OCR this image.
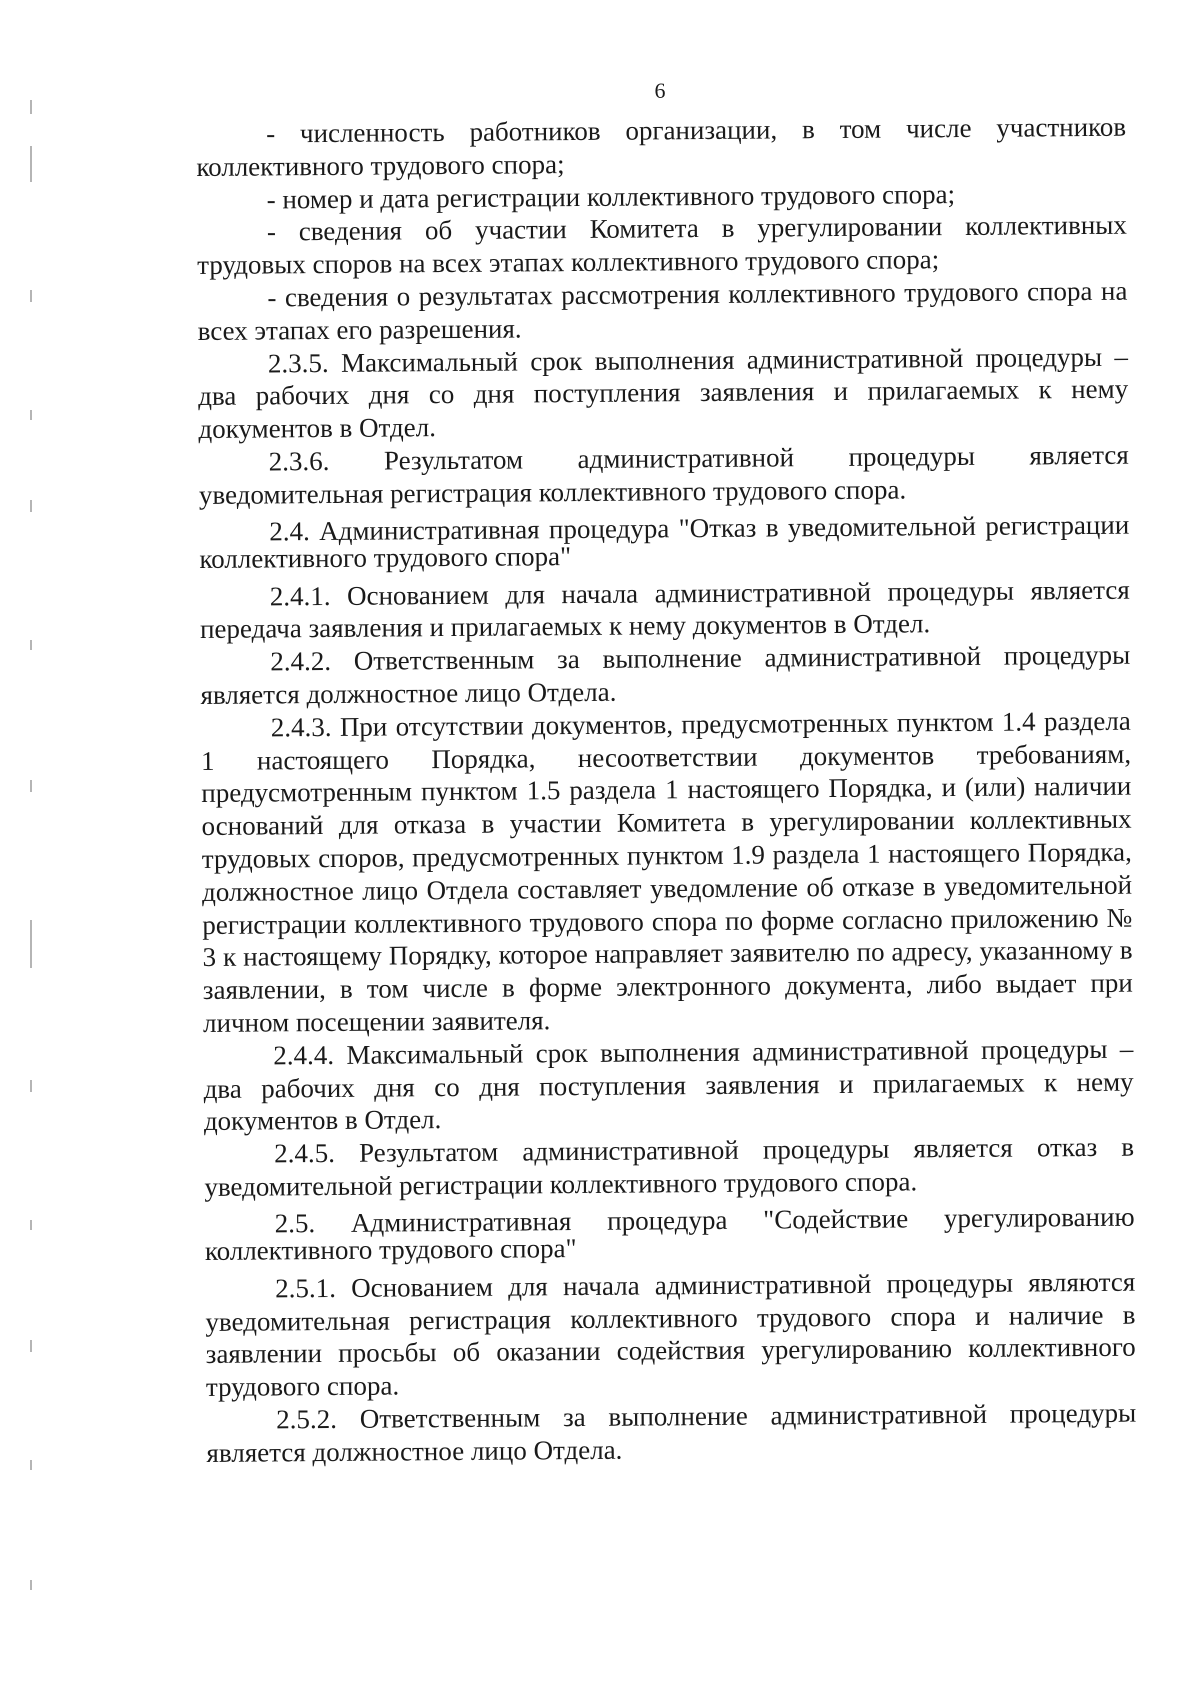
6

- численность работников организации, в том числе участников коллективного трудового спора;

- номер и дата регистрации коллективного трудового спора;

- сведения об участии Комитета в урегулировании коллективных трудовых споров на всех этапах коллективного трудового спора;

- сведения о результатах рассмотрения коллективного трудового спора на всех этапах его разрешения.

2.3.5. Максимальный срок выполнения административной процедуры – два рабочих дня со дня поступления заявления и прилагаемых к нему документов в Отдел.

2.3.6. Результатом административной процедуры является уведомительная регистрация коллективного трудового спора.

2.4. Административная процедура "Отказ в уведомительной регистрации коллективного трудового спора"

2.4.1. Основанием для начала административной процедуры является передача заявления и прилагаемых к нему документов в Отдел.

2.4.2. Ответственным за выполнение административной процедуры является должностное лицо Отдела.

2.4.3. При отсутствии документов, предусмотренных пунктом 1.4 раздела 1 настоящего Порядка, несоответствии документов требованиям, предусмотренным пунктом 1.5 раздела 1 настоящего Порядка, и (или) наличии оснований для отказа в участии Комитета в урегулировании коллективных трудовых споров, предусмотренных пунктом 1.9 раздела 1 настоящего Порядка, должностное лицо Отдела составляет уведомление об отказе в уведомительной регистрации коллективного трудового спора по форме согласно приложению № 3 к настоящему Порядку, которое направляет заявителю по адресу, указанному в заявлении, в том числе в форме электронного документа, либо выдает при личном посещении заявителя.

2.4.4. Максимальный срок выполнения административной процедуры – два рабочих дня со дня поступления заявления и прилагаемых к нему документов в Отдел.

2.4.5. Результатом административной процедуры является отказ в уведомительной регистрации коллективного трудового спора.

2.5. Административная процедура "Содействие урегулированию коллективного трудового спора"

2.5.1. Основанием для начала административной процедуры являются уведомительная регистрация коллективного трудового спора и наличие в заявлении просьбы об оказании содействия урегулированию коллективного трудового спора.

2.5.2. Ответственным за выполнение административной процедуры является должностное лицо Отдела.
